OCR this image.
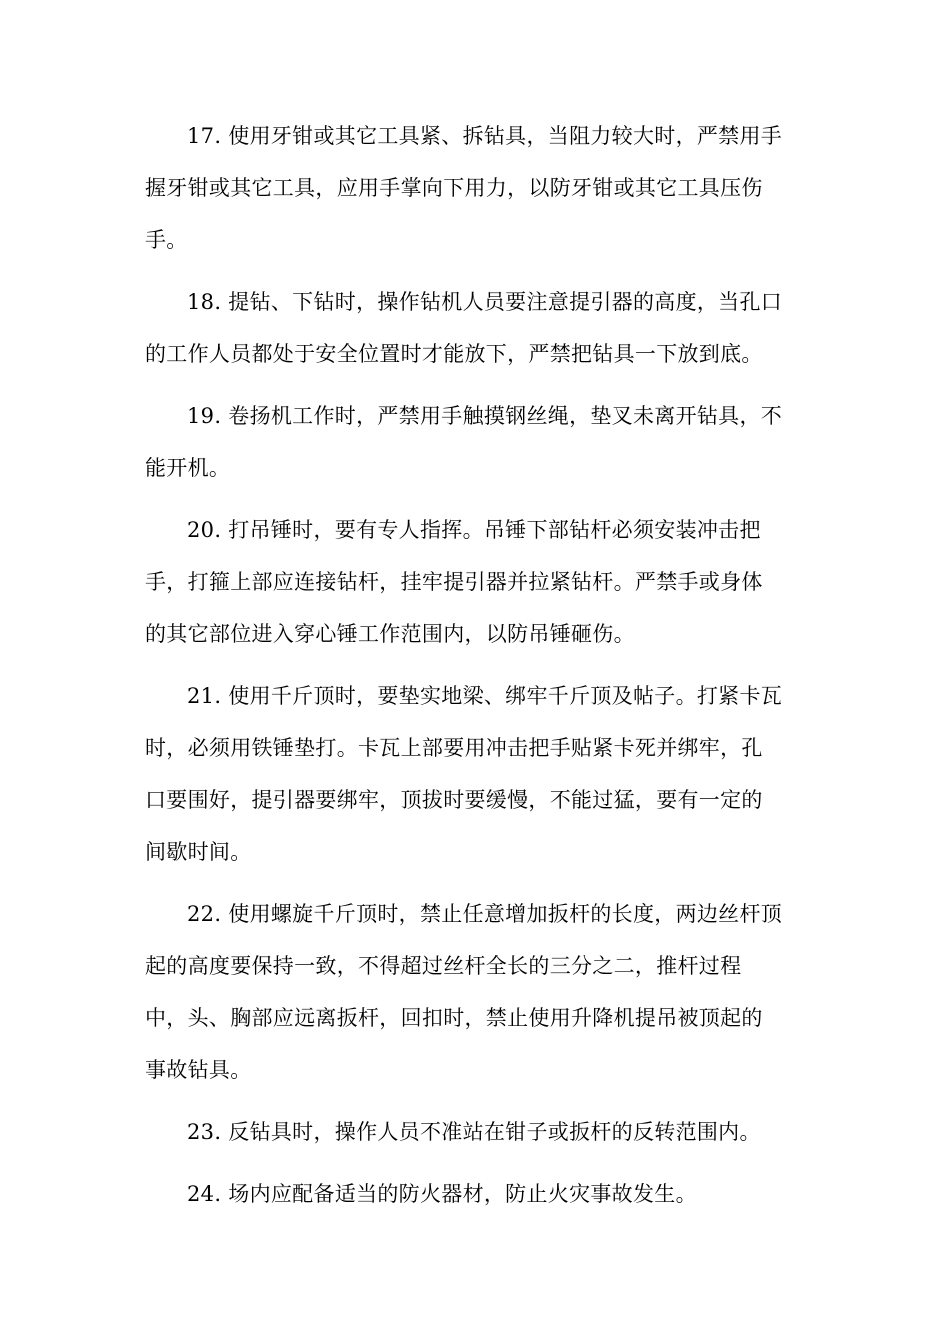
17. 使用牙钳或其它工具紧、拆钻具，当阻力较大时，严禁用手
握牙钳或其它工具，应用手掌向下用力，以防牙钳或其它工具压伤
手。

18. 提钻、下钻时，操作钻机人员要注意提引器的高度，当孔口
的工作人员都处于安全位置时才能放下，严禁把钻具一下放到底。

19. 卷扬机工作时，严禁用手触摸钢丝绳，垫叉未离开钻具，不
能开机。

20. 打吊锤时，要有专人指挥。吊锤下部钻杆必须安装冲击把
手，打箍上部应连接钻杆，挂牢提引器并拉紧钻杆。严禁手或身体
的其它部位进入穿心锤工作范围内，以防吊锤砸伤。

21. 使用千斤顶时，要垫实地梁、绑牢千斤顶及帖子。打紧卡瓦
时，必须用铁锤垫打。卡瓦上部要用冲击把手贴紧卡死并绑牢，孔
口要围好，提引器要绑牢，顶拔时要缓慢，不能过猛，要有一定的
间歇时间。

22. 使用螺旋千斤顶时，禁止任意增加扳杆的长度，两边丝杆顶
起的高度要保持一致，不得超过丝杆全长的三分之二，推杆过程
中，头、胸部应远离扳杆，回扣时，禁止使用升降机提吊被顶起的
事故钻具。

23. 反钻具时，操作人员不准站在钳子或扳杆的反转范围内。

24. 场内应配备适当的防火器材，防止火灾事故发生。
